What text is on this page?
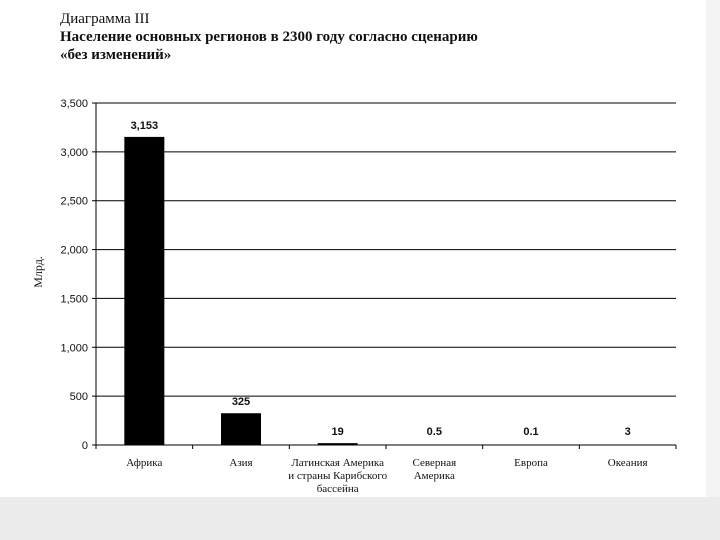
Диаграмма III
Население основных регионов в 2300 году согласно сценарию
«без изменений»
0
500
1,000
1,500
2,000
2,500
3,000
3,500
3,153
Африка
325
Азия
19
Латинская Америка
и страны Карибского
бассейна
0.5
Северная
Америка
0.1
Европа
3
Океания
Млрд.
